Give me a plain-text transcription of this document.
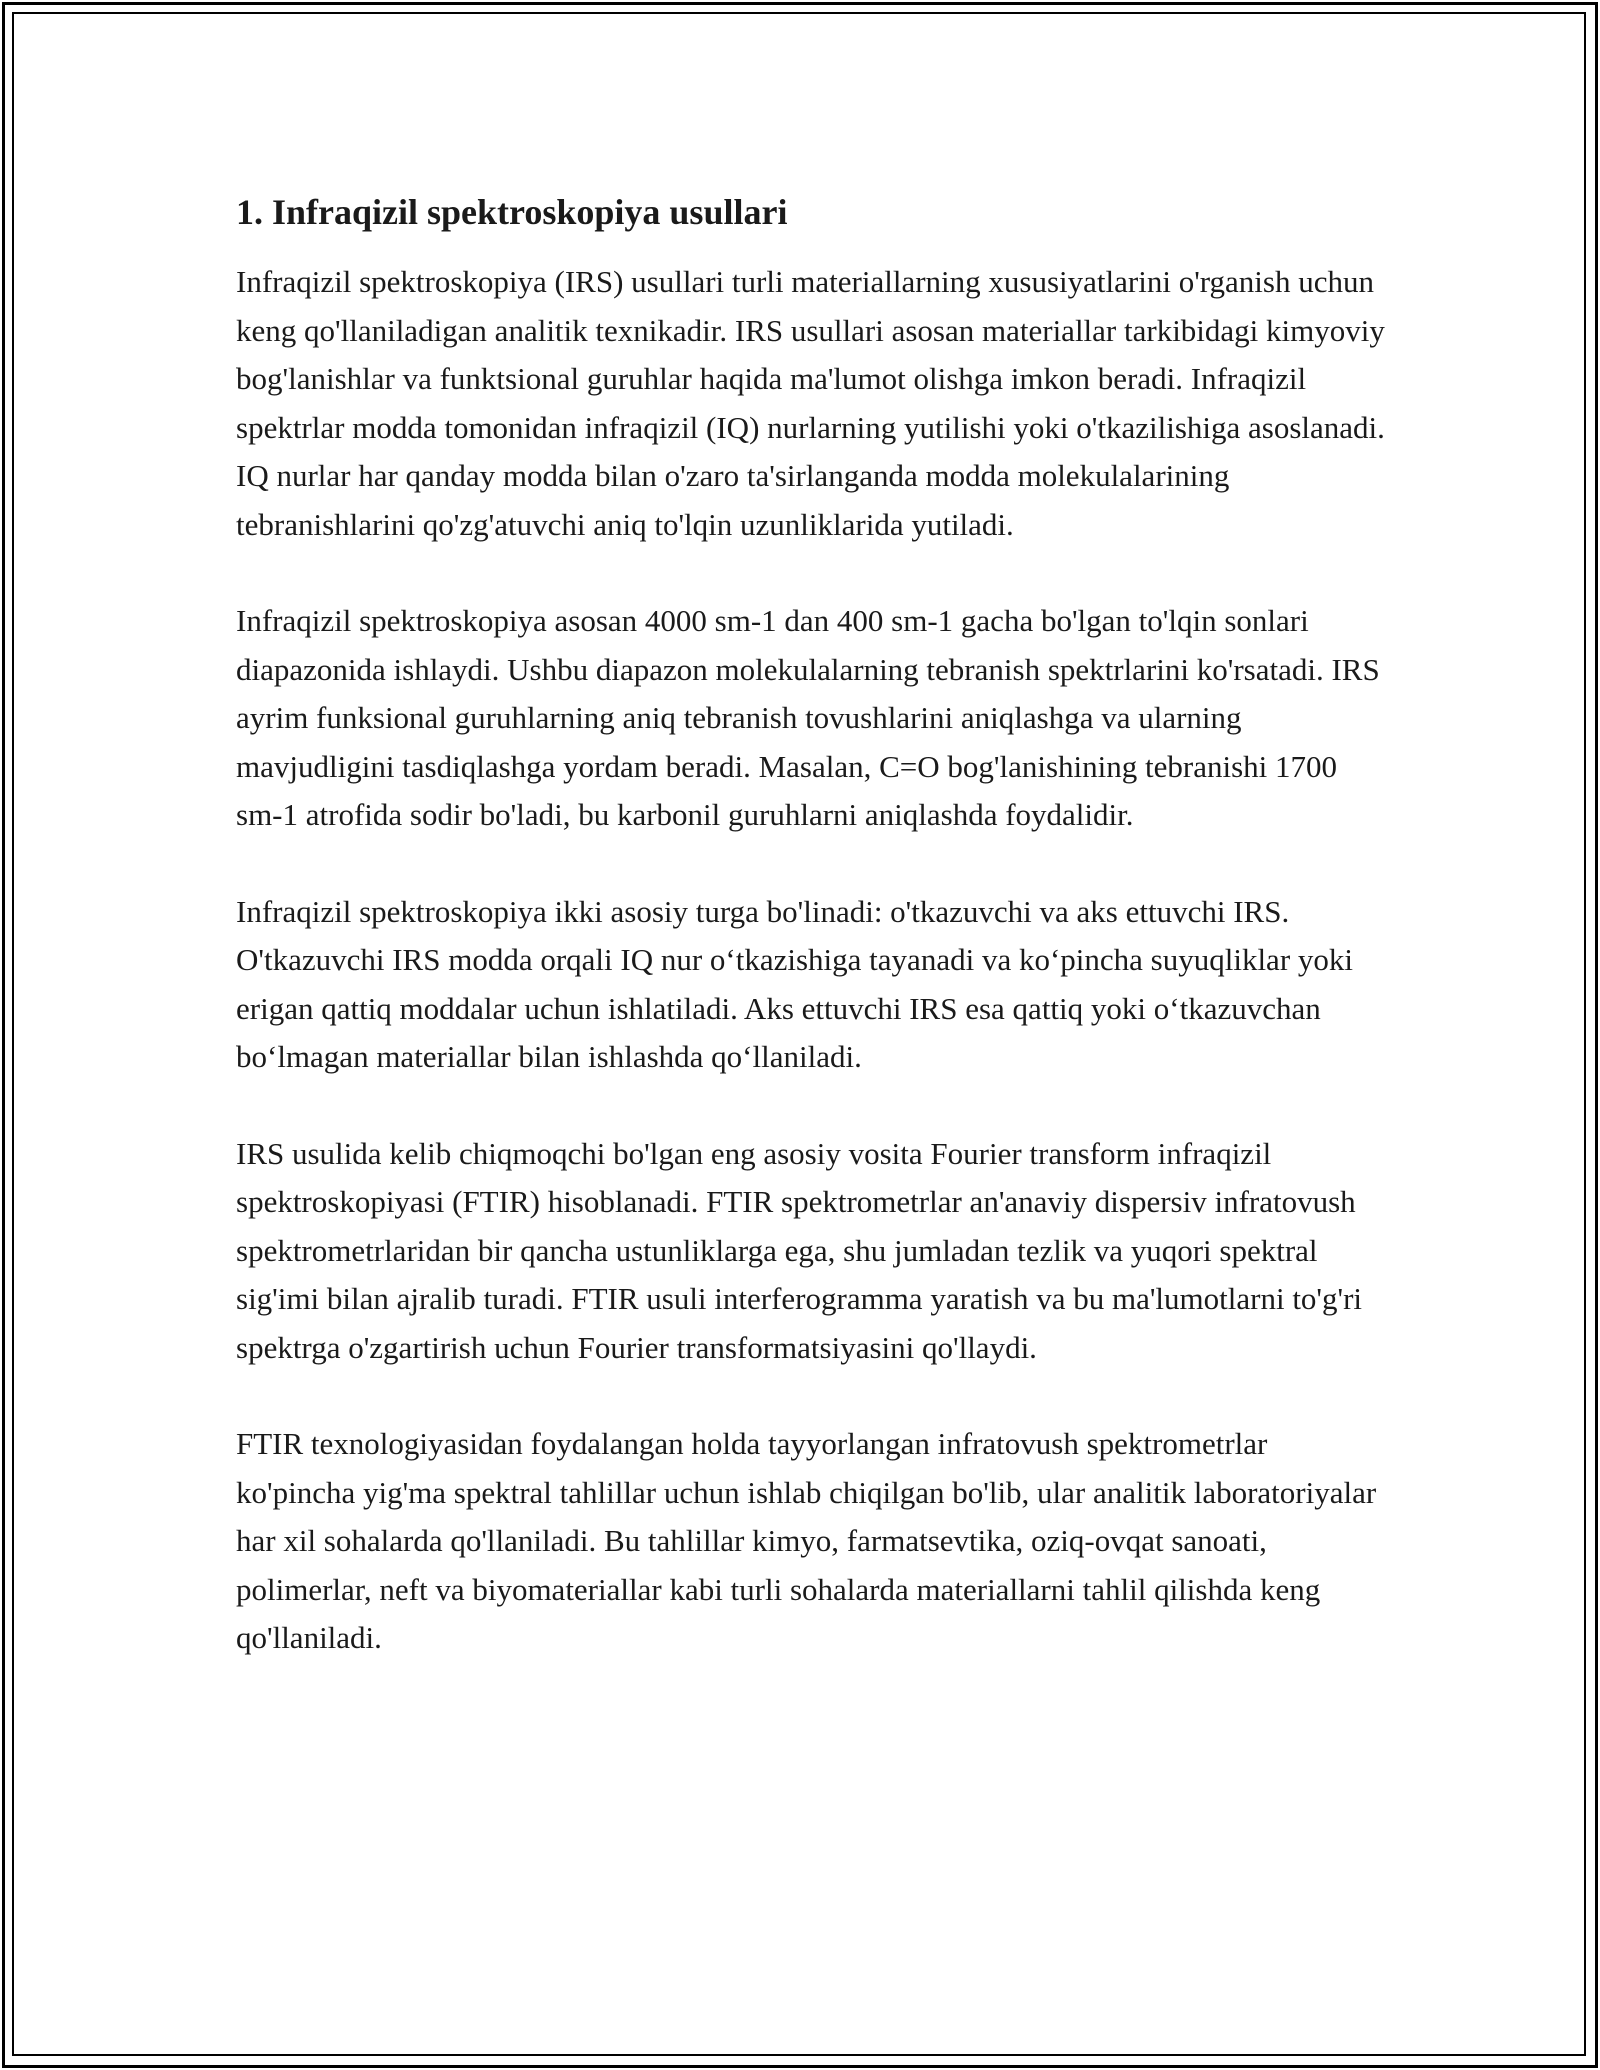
1. Infraqizil spektroskopiya usullari

Infraqizil spektroskopiya (IRS) usullari turli materiallarning xususiyatlarini o'rganish uchun keng qo'llaniladigan analitik texnikadir. IRS usullari asosan materiallar tarkibidagi kimyoviy bog'lanishlar va funktsional guruhlar haqida ma'lumot olishga imkon beradi. Infraqizil spektrlar modda tomonidan infraqizil (IQ) nurlarning yutilishi yoki o'tkazilishiga asoslanadi. IQ nurlar har qanday modda bilan o'zaro ta'sirlanganda modda molekulalarining tebranishlarini qo'zg'atuvchi aniq to'lqin uzunliklarida yutiladi.

Infraqizil spektroskopiya asosan 4000 sm-1 dan 400 sm-1 gacha bo'lgan to'lqin sonlari diapazonida ishlaydi. Ushbu diapazon molekulalarning tebranish spektrlarini ko'rsatadi. IRS ayrim funksional guruhlarning aniq tebranish tovushlarini aniqlashga va ularning mavjudligini tasdiqlashga yordam beradi. Masalan, C=O bog'lanishining tebranishi 1700 sm-1 atrofida sodir bo'ladi, bu karbonil guruhlarni aniqlashda foydalidir.

Infraqizil spektroskopiya ikki asosiy turga bo'linadi: o'tkazuvchi va aks ettuvchi IRS. O'tkazuvchi IRS modda orqali IQ nur o‘tkazishiga tayanadi va ko‘pincha suyuqliklar yoki erigan qattiq moddalar uchun ishlatiladi. Aks ettuvchi IRS esa qattiq yoki o‘tkazuvchan bo‘lmagan materiallar bilan ishlashda qo‘llaniladi.

IRS usulida kelib chiqmoqchi bo'lgan eng asosiy vosita Fourier transform infraqizil spektroskopiyasi (FTIR) hisoblanadi. FTIR spektrometrlar an'anaviy dispersiv infratovush spektrometrlaridan bir qancha ustunliklarga ega, shu jumladan tezlik va yuqori spektral sig'imi bilan ajralib turadi. FTIR usuli interferogramma yaratish va bu ma'lumotlarni to'g'ri spektrga o'zgartirish uchun Fourier transformatsiyasini qo'llaydi.

FTIR texnologiyasidan foydalangan holda tayyorlangan infratovush spektrometrlar ko'pincha yig'ma spektral tahlillar uchun ishlab chiqilgan bo'lib, ular analitik laboratoriyalar har xil sohalarda qo'llaniladi. Bu tahlillar kimyo, farmatsevtika, oziq-ovqat sanoati, polimerlar, neft va biyomateriallar kabi turli sohalarda materiallarni tahlil qilishda keng qo'llaniladi.
